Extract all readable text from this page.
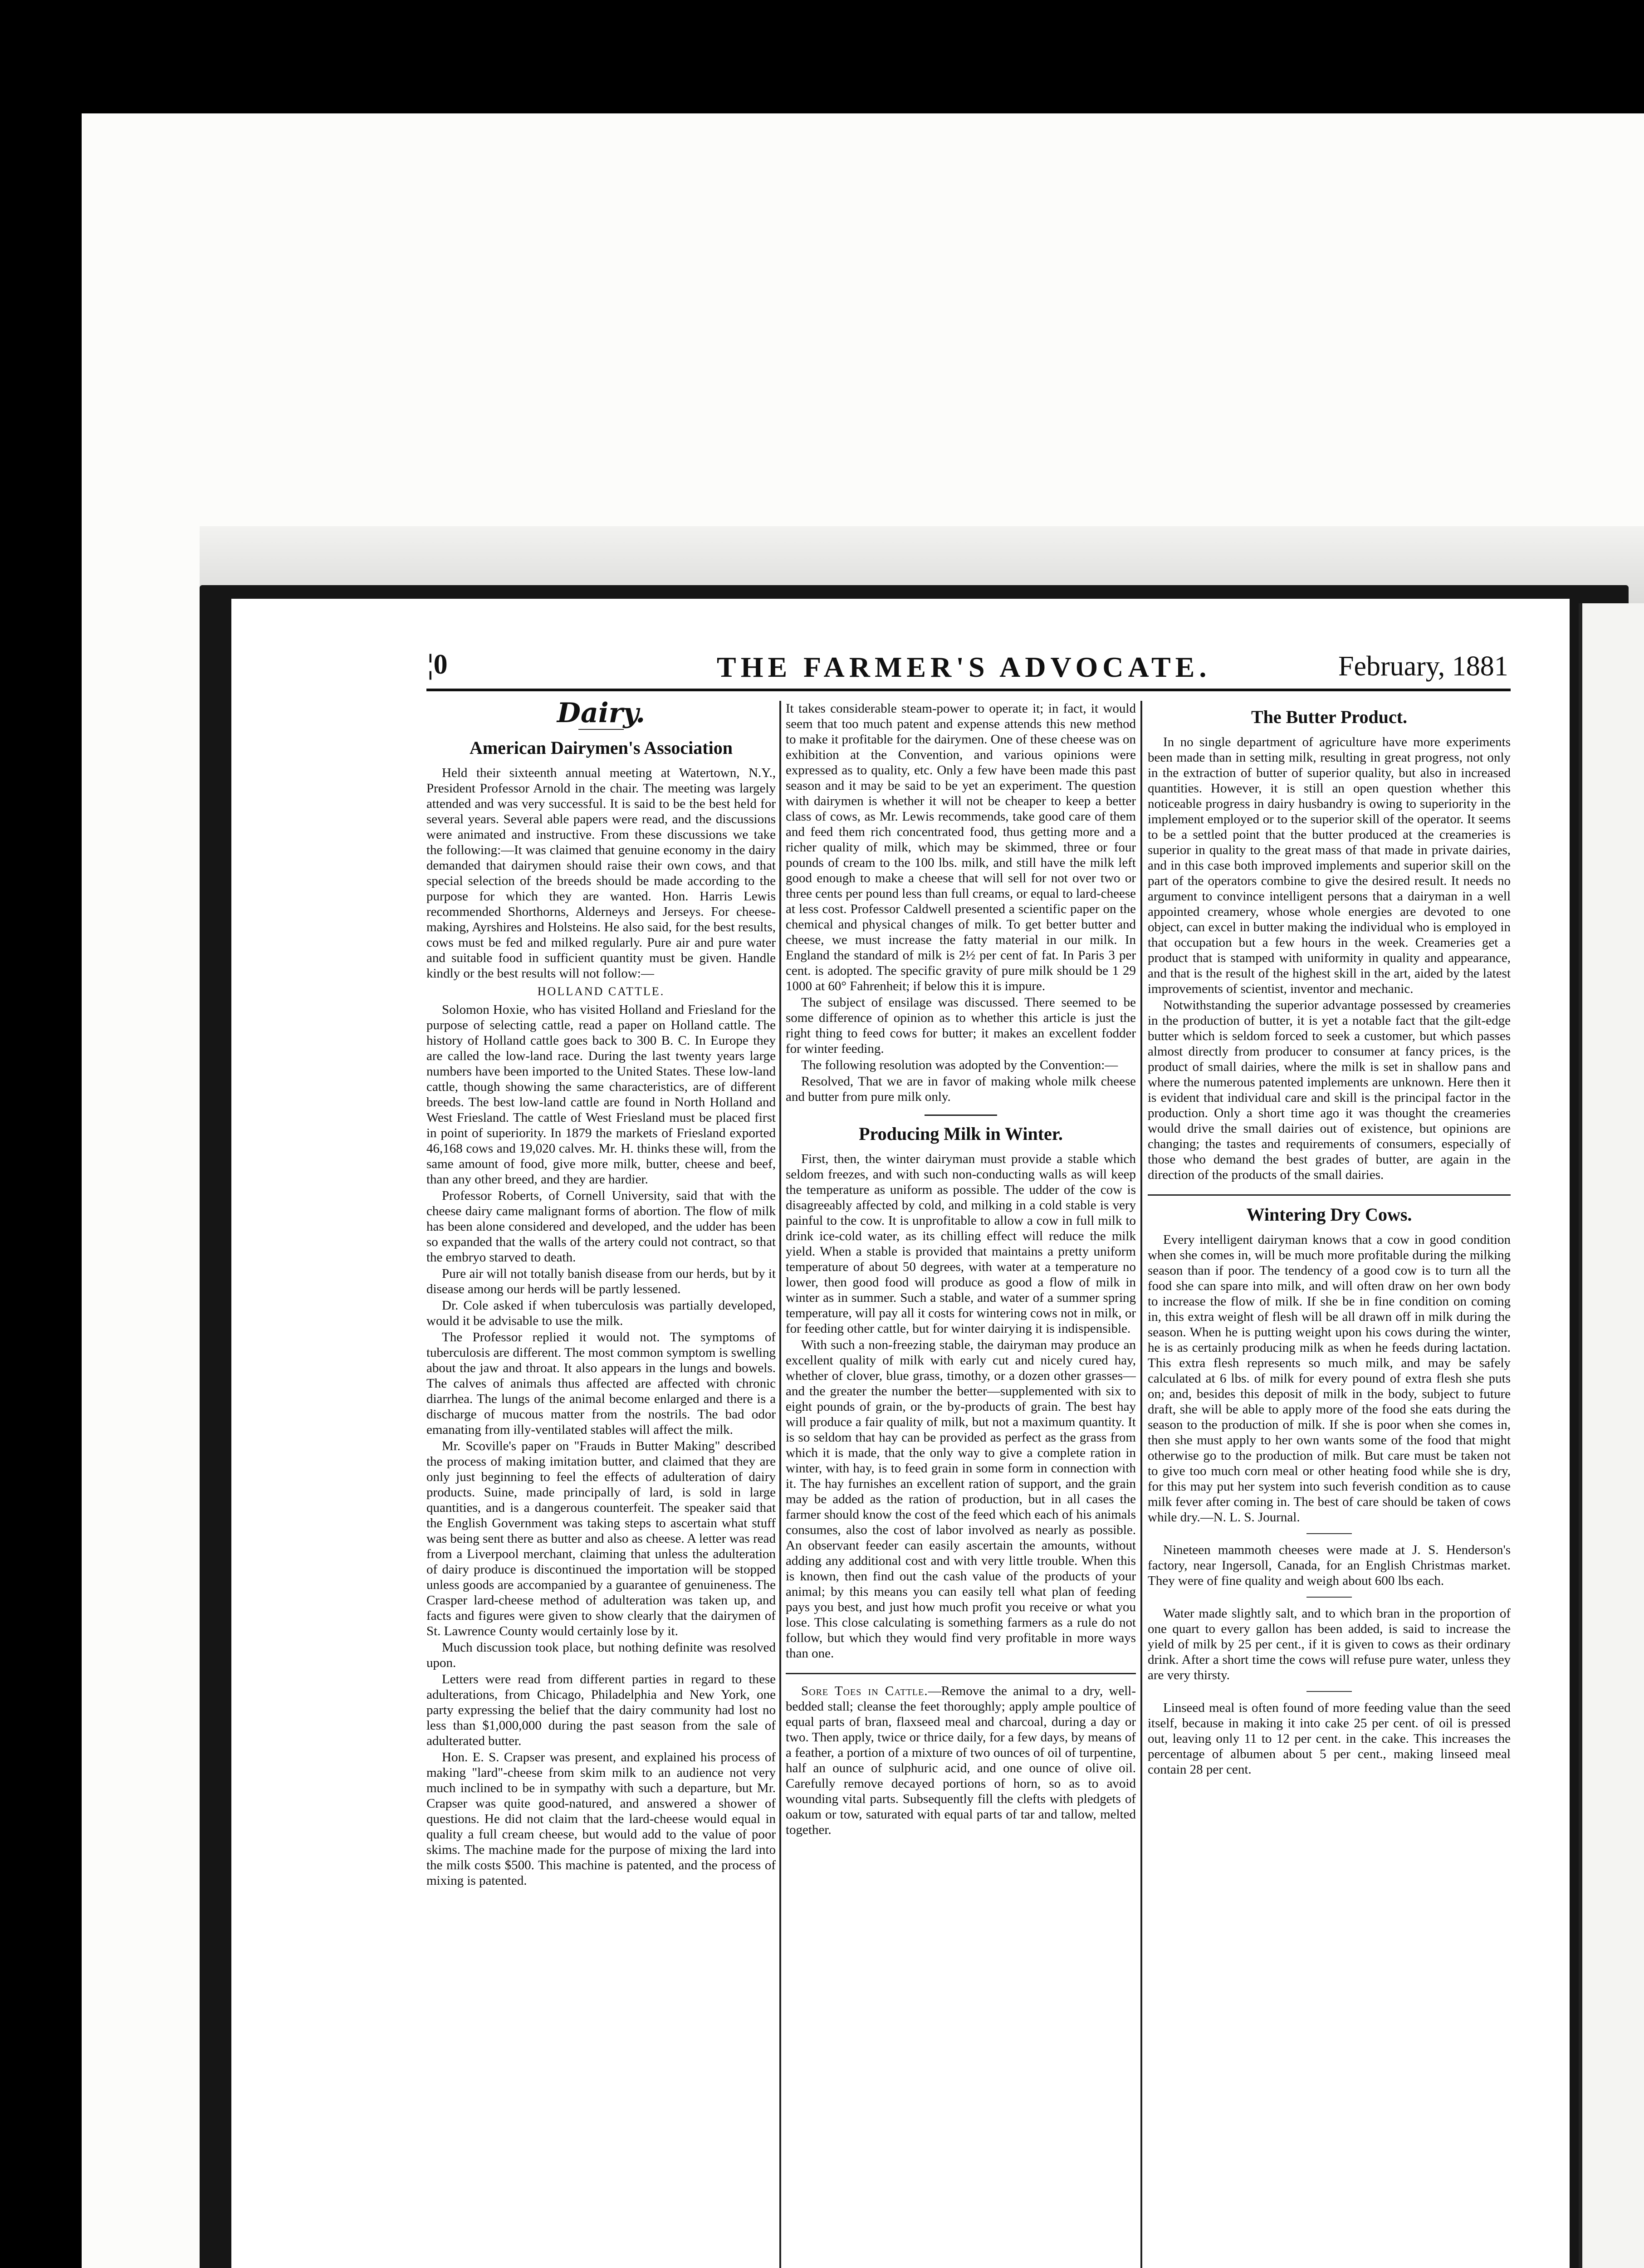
¦0	THE FARMER'S ADVOCATE.	February, 1881
Dairy.
American Dairymen's Association

Held their sixteenth annual meeting at Watertown, N.Y., President Professor Arnold in the chair. The meeting was largely attended and was very successful. It is said to be the best held for several years. Several able papers were read, and the discussions were animated and instructive. From these discussions we take the following:—It was claimed that genuine economy in the dairy demanded that dairymen should raise their own cows, and that special selection of the breeds should be made according to the purpose for which they are wanted. Hon. Harris Lewis recommended Shorthorns, Alderneys and Jerseys. For cheese-making, Ayrshires and Holsteins. He also said, for the best results, cows must be fed and milked regularly. Pure air and pure water and suitable food in sufficient quantity must be given. Handle kindly or the best results will not follow:—

HOLLAND CATTLE.

Solomon Hoxie, who has visited Holland and Friesland for the purpose of selecting cattle, read a paper on Holland cattle. The history of Holland cattle goes back to 300 B. C. In Europe they are called the low-land race. During the last twenty years large numbers have been imported to the United States. These low-land cattle, though showing the same characteristics, are of different breeds. The best low-land cattle are found in North Holland and West Friesland. The cattle of West Friesland must be placed first in point of superiority. In 1879 the markets of Friesland exported 46,168 cows and 19,020 calves. Mr. H. thinks these will, from the same amount of food, give more milk, butter, cheese and beef, than any other breed, and they are hardier.

Professor Roberts, of Cornell University, said that with the cheese dairy came malignant forms of abortion. The flow of milk has been alone considered and developed, and the udder has been so expanded that the walls of the artery could not contract, so that the embryo starved to death.

Pure air will not totally banish disease from our herds, but by it disease among our herds will be partly lessened.

Dr. Cole asked if when tuberculosis was partially developed, would it be advisable to use the milk.

The Professor replied it would not. The symptoms of tuberculosis are different. The most common symptom is swelling about the jaw and throat. It also appears in the lungs and bowels. The calves of animals thus affected are affected with chronic diarrhea. The lungs of the animal become enlarged and there is a discharge of mucous matter from the nostrils. The bad odor emanating from illy-ventilated stables will affect the milk.

Mr. Scoville's paper on "Frauds in Butter Making" described the process of making imitation butter, and claimed that they are only just beginning to feel the effects of adulteration of dairy products. Suine, made principally of lard, is sold in large quantities, and is a dangerous counterfeit. The speaker said that the English Government was taking steps to ascertain what stuff was being sent there as butter and also as cheese. A letter was read from a Liverpool merchant, claiming that unless the adulteration of dairy produce is discontinued the importation will be stopped unless goods are accompanied by a guarantee of genuineness. The Crasper lard-cheese method of adulteration was taken up, and facts and figures were given to show clearly that the dairymen of St. Lawrence County would certainly lose by it.

Much discussion took place, but nothing definite was resolved upon.

Letters were read from different parties in regard to these adulterations, from Chicago, Philadelphia and New York, one party expressing the belief that the dairy community had lost no less than $1,000,000 during the past season from the sale of adulterated butter.

Hon. E. S. Crapser was present, and explained his process of making "lard"-cheese from skim milk to an audience not very much inclined to be in sympathy with such a departure, but Mr. Crapser was quite good-natured, and answered a shower of questions. He did not claim that the lard-cheese would equal in quality a full cream cheese, but would add to the value of poor skims. The machine made for the purpose of mixing the lard into the milk costs $500. This machine is patented, and the process of mixing is patented.

It takes considerable steam-power to operate it; in fact, it would seem that too much patent and expense attends this new method to make it profitable for the dairymen. One of these cheese was on exhibition at the Convention, and various opinions were expressed as to quality, etc. Only a few have been made this past season and it may be said to be yet an experiment. The question with dairymen is whether it will not be cheaper to keep a better class of cows, as Mr. Lewis recommends, take good care of them and feed them rich concentrated food, thus getting more and a richer quality of milk, which may be skimmed, three or four pounds of cream to the 100 lbs. milk, and still have the milk left good enough to make a cheese that will sell for not over two or three cents per pound less than full creams, or equal to lard-cheese at less cost. Professor Caldwell presented a scientific paper on the chemical and physical changes of milk. To get better butter and cheese, we must increase the fatty material in our milk. In England the standard of milk is 2½ per cent of fat. In Paris 3 per cent. is adopted. The specific gravity of pure milk should be 1 29 1000 at 60° Fahrenheit; if below this it is impure.

The subject of ensilage was discussed. There seemed to be some difference of opinion as to whether this article is just the right thing to feed cows for butter; it makes an excellent fodder for winter feeding.

The following resolution was adopted by the Convention:—

Resolved, That we are in favor of making whole milk cheese and butter from pure milk only.

Producing Milk in Winter.

First, then, the winter dairyman must provide a stable which seldom freezes, and with such non-conducting walls as will keep the temperature as uniform as possible. The udder of the cow is disagreeably affected by cold, and milking in a cold stable is very painful to the cow. It is unprofitable to allow a cow in full milk to drink ice-cold water, as its chilling effect will reduce the milk yield. When a stable is provided that maintains a pretty uniform temperature of about 50 degrees, with water at a temperature no lower, then good food will produce as good a flow of milk in winter as in summer. Such a stable, and water of a summer spring temperature, will pay all it costs for wintering cows not in milk, or for feeding other cattle, but for winter dairying it is indispensible.

With such a non-freezing stable, the dairyman may produce an excellent quality of milk with early cut and nicely cured hay, whether of clover, blue grass, timothy, or a dozen other grasses—and the greater the number the better—supplemented with six to eight pounds of grain, or the by-products of grain. The best hay will produce a fair quality of milk, but not a maximum quantity. It is so seldom that hay can be provided as perfect as the grass from which it is made, that the only way to give a complete ration in winter, with hay, is to feed grain in some form in connection with it. The hay furnishes an excellent ration of support, and the grain may be added as the ration of production, but in all cases the farmer should know the cost of the feed which each of his animals consumes, also the cost of labor involved as nearly as possible. An observant feeder can easily ascertain the amounts, without adding any additional cost and with very little trouble. When this is known, then find out the cash value of the products of your animal; by this means you can easily tell what plan of feeding pays you best, and just how much profit you receive or what you lose. This close calculating is something farmers as a rule do not follow, but which they would find very profitable in more ways than one.

Sore Toes in Cattle.—Remove the animal to a dry, well-bedded stall; cleanse the feet thoroughly; apply ample poultice of equal parts of bran, flaxseed meal and charcoal, during a day or two. Then apply, twice or thrice daily, for a few days, by means of a feather, a portion of a mixture of two ounces of oil of turpentine, half an ounce of sulphuric acid, and one ounce of olive oil. Carefully remove decayed portions of horn, so as to avoid wounding vital parts. Subsequently fill the clefts with pledgets of oakum or tow, saturated with equal parts of tar and tallow, melted together.

The Butter Product.

In no single department of agriculture have more experiments been made than in setting milk, resulting in great progress, not only in the extraction of butter of superior quality, but also in increased quantities. However, it is still an open question whether this noticeable progress in dairy husbandry is owing to superiority in the implement employed or to the superior skill of the operator. It seems to be a settled point that the butter produced at the creameries is superior in quality to the great mass of that made in private dairies, and in this case both improved implements and superior skill on the part of the operators combine to give the desired result. It needs no argument to convince intelligent persons that a dairyman in a well appointed creamery, whose whole energies are devoted to one object, can excel in butter making the individual who is employed in that occupation but a few hours in the week. Creameries get a product that is stamped with uniformity in quality and appearance, and that is the result of the highest skill in the art, aided by the latest improvements of scientist, inventor and mechanic.

Notwithstanding the superior advantage possessed by creameries in the production of butter, it is yet a notable fact that the gilt-edge butter which is seldom forced to seek a customer, but which passes almost directly from producer to consumer at fancy prices, is the product of small dairies, where the milk is set in shallow pans and where the numerous patented implements are unknown. Here then it is evident that individual care and skill is the principal factor in the production. Only a short time ago it was thought the creameries would drive the small dairies out of existence, but opinions are changing; the tastes and requirements of consumers, especially of those who demand the best grades of butter, are again in the direction of the products of the small dairies.

Wintering Dry Cows.

Every intelligent dairyman knows that a cow in good condition when she comes in, will be much more profitable during the milking season than if poor. The tendency of a good cow is to turn all the food she can spare into milk, and will often draw on her own body to increase the flow of milk. If she be in fine condition on coming in, this extra weight of flesh will be all drawn off in milk during the season. When he is putting weight upon his cows during the winter, he is as certainly producing milk as when he feeds during lactation. This extra flesh represents so much milk, and may be safely calculated at 6 lbs. of milk for every pound of extra flesh she puts on; and, besides this deposit of milk in the body, subject to future draft, she will be able to apply more of the food she eats during the season to the production of milk. If she is poor when she comes in, then she must apply to her own wants some of the food that might otherwise go to the production of milk. But care must be taken not to give too much corn meal or other heating food while she is dry, for this may put her system into such feverish condition as to cause milk fever after coming in. The best of care should be taken of cows while dry.—N. L. S. Journal.

Nineteen mammoth cheeses were made at J. S. Henderson's factory, near Ingersoll, Canada, for an English Christmas market. They were of fine quality and weigh about 600 lbs each.

Water made slightly salt, and to which bran in the proportion of one quart to every gallon has been added, is said to increase the yield of milk by 25 per cent., if it is given to cows as their ordinary drink. After a short time the cows will refuse pure water, unless they are very thirsty.

Linseed meal is often found of more feeding value than the seed itself, because in making it into cake 25 per cent. of oil is pressed out, leaving only 11 to 12 per cent. in the cake. This increases the percentage of albumen about 5 per cent., making linseed meal contain 28 per cent.
